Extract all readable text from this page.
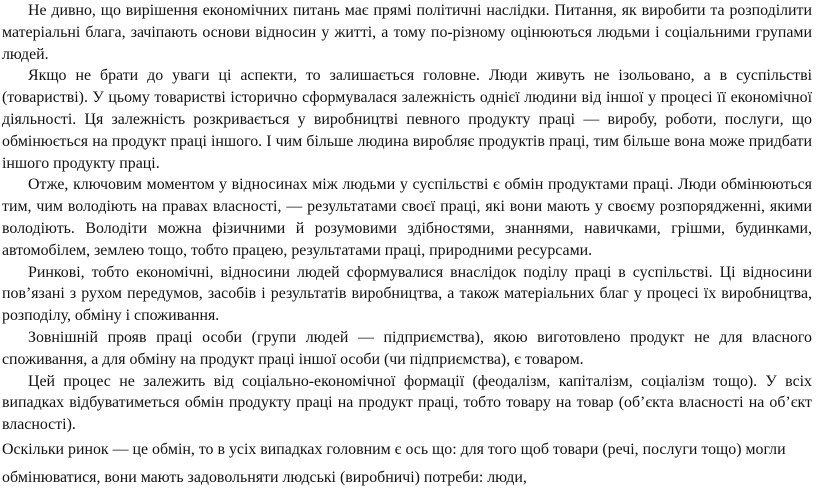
Не дивно, що вирішення економічних питань має прямі політичні наслідки. Питання, як виробити та розподілити матеріальні блага, зачіпають основи відносин у житті, а тому по-різному оцінюються людьми і соціальними групами людей.

Якщо не брати до уваги ці аспекти, то залишається головне. Люди живуть не ізольовано, а в суспільстві (товаристві). У цьому товаристві історично сформувалася залежність однієї людини від іншої у процесі її економічної діяльності. Ця залежність розкривається у виробництві певного продукту праці — виробу, роботи, послуги, що обмінюється на продукт праці іншого. І чим більше людина виробляє продуктів праці, тим більше вона може придбати іншого продукту праці.

Отже, ключовим моментом у відносинах між людьми у суспільстві є обмін продуктами праці. Люди обмінюються тим, чим володіють на правах власності, — результатами своєї праці, які вони мають у своєму розпорядженні, якими володіють. Володіти можна фізичними й розумовими здібностями, знаннями, навичками, грішми, будинками, автомобілем, землею тощо, тобто працею, результатами праці, природними ресурсами.

Ринкові, тобто економічні, відносини людей сформувалися внаслідок поділу праці в суспільстві. Ці відносини пов’язані з рухом передумов, засобів і результатів виробництва, а також матеріальних благ у процесі їх виробництва, розподілу, обміну і споживання.

Зовнішній прояв праці особи (групи людей — підприємства), якою виготовлено продукт не для власного споживання, а для обміну на продукт праці іншої особи (чи підприємства), є товаром.

Цей процес не залежить від соціально-економічної формації (феодалізм, капіталізм, соціалізм тощо). У всіх випадках відбуватиметься обмін продукту праці на продукт праці, тобто товару на товар (об’єкта власності на об’єкт власності).

Оскільки ринок — це обмін, то в усіх випадках головним є ось що: для того щоб товари (речі, послуги тощо) могли обмінюватися, вони мають задовольняти людські (виробничі) потреби: люди,
